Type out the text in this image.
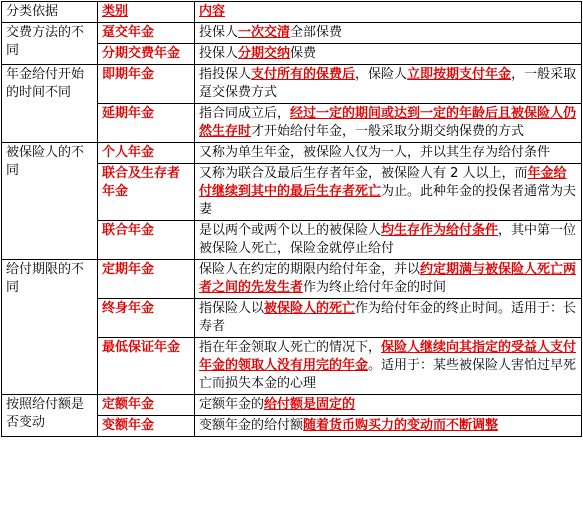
分类依据	类别	内容
交费方法的不同	趸交年金	投保人一次交清全部保费
	分期交费年金	投保人分期交纳保费
年金给付开始的时间不同	即期年金	指投保人支付所有的保费后，保险人立即按期支付年金，一般采取趸交保费方式
	延期年金	指合同成立后，经过一定的期间或达到一定的年龄后且被保险人仍然生存时才开始给付年金，一般采取分期交纳保费的方式
被保险人的不同	个人年金	又称为单生年金，被保险人仅为一人，并以其生存为给付条件
	联合及生存者年金	又称为联合及最后生存者年金，被保险人有 2 人以上，而年金给付继续到其中的最后生存者死亡为止。此种年金的投保者通常为夫妻
	联合年金	是以两个或两个以上的被保险人均生存作为给付条件，其中第一位被保险人死亡，保险金就停止给付
给付期限的不同	定期年金	保险人在约定的期限内给付年金，并以约定期满与被保险人死亡两者之间的先发生者作为终止给付年金的时间
	终身年金	指保险人以被保险人的死亡作为给付年金的终止时间。适用于：长寿者
	最低保证年金	指在年金领取人死亡的情况下，保险人继续向其指定的受益人支付年金的领取人没有用完的年金。适用于：某些被保险人害怕过早死亡而损失本金的心理
按照给付额是否变动	定额年金	定额年金的给付额是固定的
	变额年金	变额年金的给付额随着货币购买力的变动而不断调整
